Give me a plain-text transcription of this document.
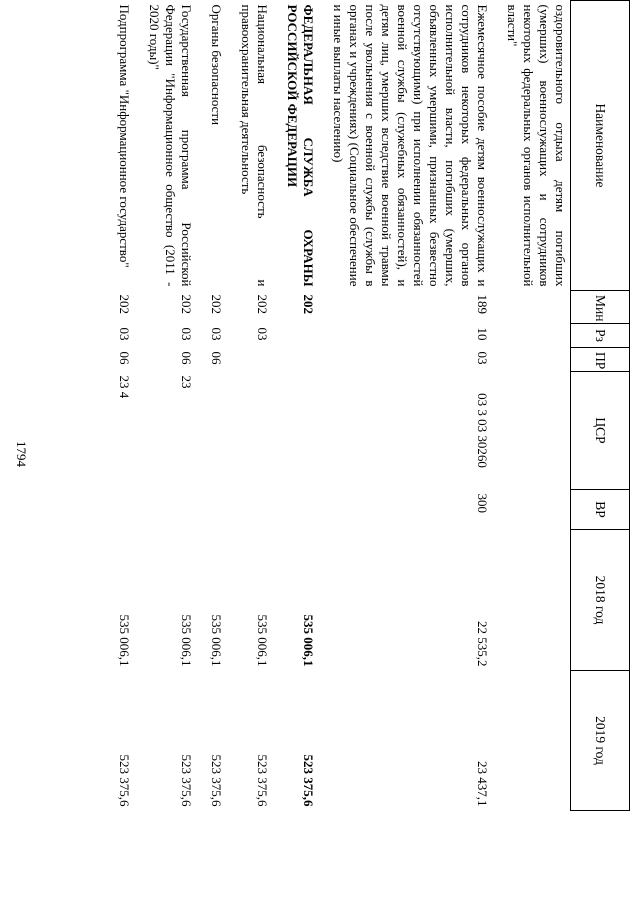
1794
Наименование	Мин	Рз	ПР	ЦСР	ВР	2018 год	2019 год
оздоровительного отдыха детям погибших (умерших) военнослужащих и сотрудников некоторых федеральных органов исполнительной власти"							
Ежемесячное пособие детям военнослужащих и сотрудников некоторых федеральных органов исполнительной власти, погибших (умерших, объявленных умершими, признанных безвестно отсутствующими) при исполнении обязанностей военной службы (служебных обязанностей), и детям лиц, умерших вследствие военной травмы после увольнения с военной службы (службы в органах и учреждениях) (Социальное обеспечение и иные выплаты населению)	189	10	03	03 3 03 30260	300	22 535,2	23 437,1
ФЕДЕРАЛЬНАЯ СЛУЖБА ОХРАНЫ РОССИЙСКОЙ ФЕДЕРАЦИИ	202					535 006,1	523 375,6
Национальная безопасность и правоохранительная деятельность	202	03				535 006,1	523 375,6
Органы безопасности	202	03	06			535 006,1	523 375,6
Государственная программа Российской Федерации "Информационное общество (2011 - 2020 годы)"	202	03	06	23		535 006,1	523 375,6
Подпрограмма "Информационное государство"	202	03	06	23 4		535 006,1	523 375,6
